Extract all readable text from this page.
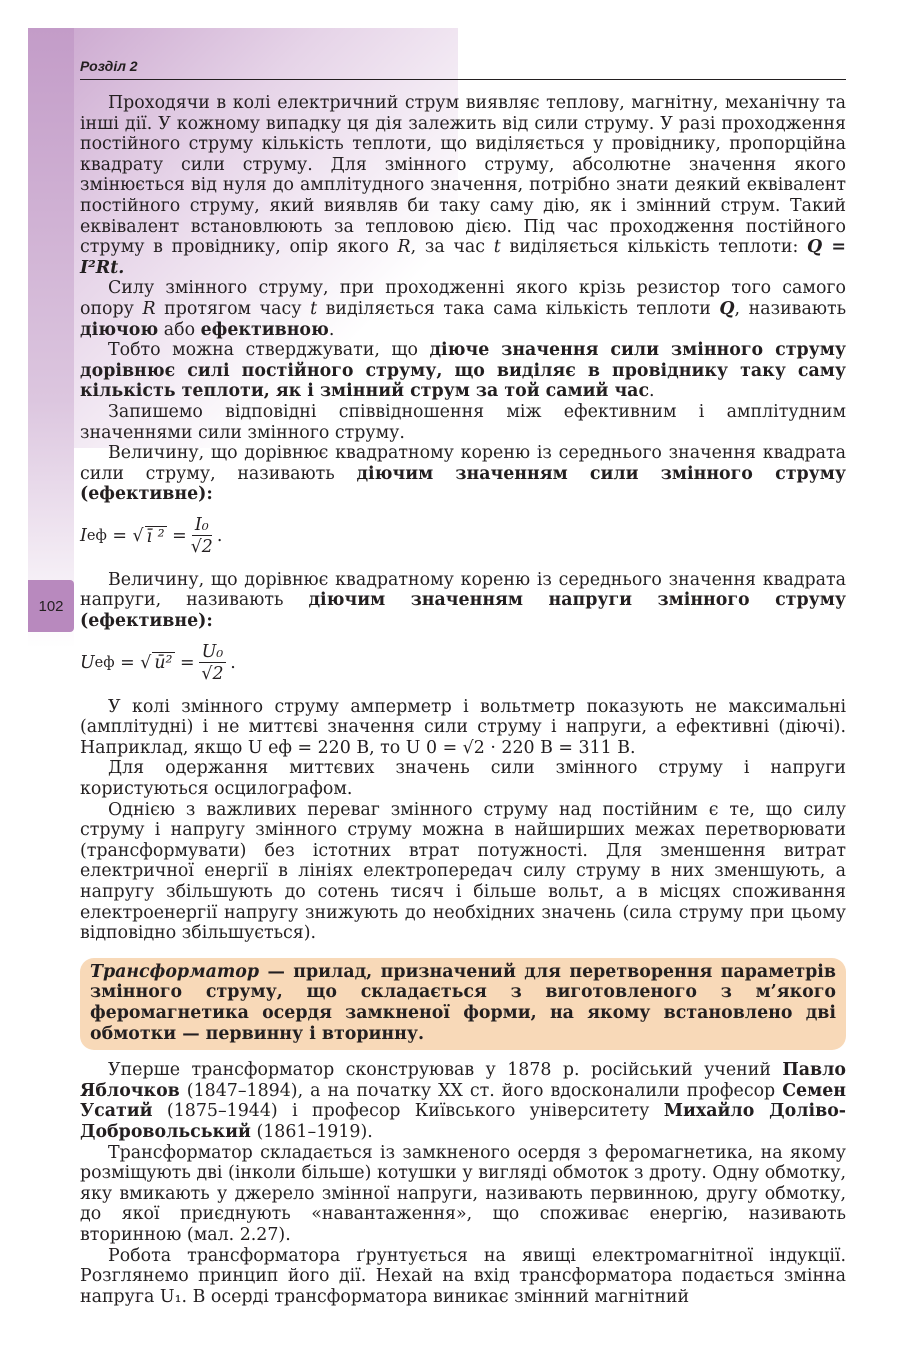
102
Розділ 2

Проходячи в колі електричний струм виявляє теплову, магнітну, механічну та інші дії. У кожному випадку ця дія залежить від сили струму. У разі проходження постійного струму кількість теплоти, що виділяється у провіднику, пропорційна квадрату сили струму. Для змінного струму, абсолютне значення якого змінюється від нуля до амплітудного значення, потрібно знати деякий еквівалент постійного струму, який виявляв би таку саму дію, як і змінний струм. Такий еквівалент встановлюють за тепловою дією. Під час проходження постійного струму в провіднику, опір якого R, за час t виділяється кількість теплоти: Q = I²Rt.

Силу змінного струму, при проходженні якого крізь резистор того самого опору R протягом часу t виділяється така сама кількість теплоти Q, називають діючою або ефективною.

Тобто можна стверджувати, що діюче значення сили змінного струму дорівнює силі постійного струму, що виділяє в провіднику таку саму кількість теплоти, як і змінний струм за той самий час.

Запишемо відповідні співвідношення між ефективним і амплітудним значеннями сили змінного струму.

Величину, що дорівнює квадратному кореню із середнього значення квадрата сили струму, називають діючим значенням сили змінного струму (ефективне):

I еф
= √ ī ²
= $\frac{\text{I₀}}{√2}$ .

Величину, що дорівнює квадратному кореню із середнього значення квадрата напруги, називають діючим значенням напруги змінного струму (ефективне):

U еф
= √ ū²
= $\frac{\text{U₀}}{√2}$ .

У колі змінного струму амперметр і вольтметр показують не максимальні (амплітудні) і не миттєві значення сили струму і напруги, а ефективні (діючі). Наприклад, якщо U еф = 220 В, то U 0 = √2 · 220 В = 311 В.

Для одержання миттєвих значень сили змінного струму і напруги користуються осцилографом.

Однією з важливих переваг змінного струму над постійним є те, що силу струму і напругу змінного струму можна в найширших межах перетворювати (трансформувати) без істотних втрат потужності. Для зменшення витрат електричної енергії в лініях електропередач силу струму в них зменшують, а напругу збільшують до сотень тисяч і більше вольт, а в місцях споживання електроенергії напругу знижують до необхідних значень (сила струму при цьому відповідно збільшується).

Трансформатор — прилад, призначений для перетворення параметрів змінного струму, що складається з виготовленого з м’якого феромагнетика осердя замкненої форми, на якому встановлено дві обмотки — первинну і вторинну.

Уперше трансформатор сконструював у 1878 р. російський учений Павло Яблочков (1847–1894), а на початку XX ст. його вдосконалили професор Семен Усатий (1875–1944) і професор Київського університету Михайло Доліво-Добровольський (1861–1919).

Трансформатор складається із замкненого осердя з феромагнетика, на якому розміщують дві (інколи більше) котушки у вигляді обмоток з дроту. Одну обмотку, яку вмикають у джерело змінної напруги, називають первинною, другу обмотку, до якої приєднують «навантаження», що споживає енергію, називають вторинною (мал. 2.27).

Робота трансформатора ґрунтується на явищі електромагнітної індукції. Розглянемо принцип його дії. Нехай на вхід трансформатора подається змінна напруга U₁. В осерді трансформатора виникає змінний магнітний
